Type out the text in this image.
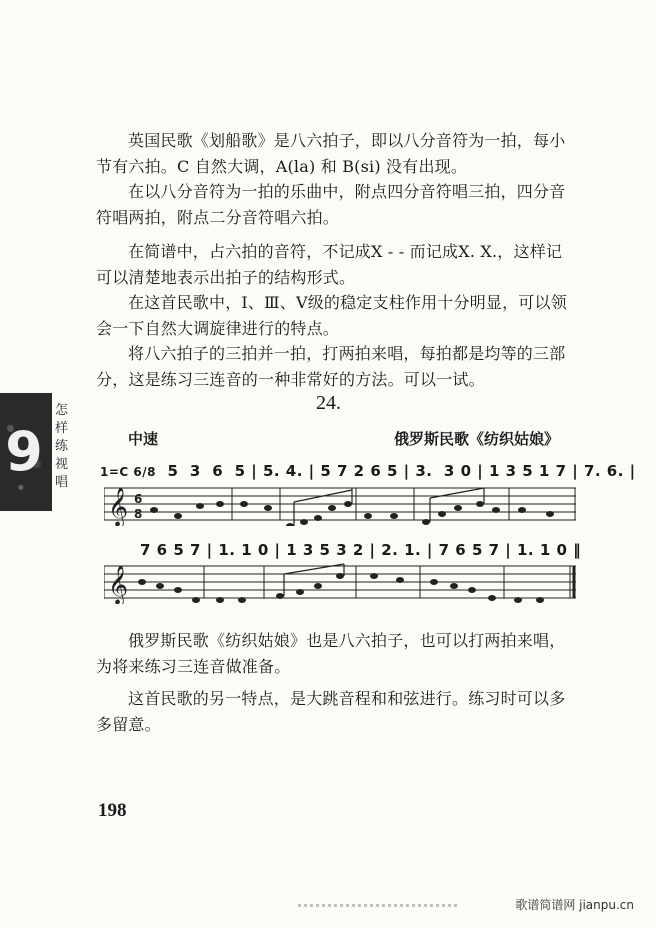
英国民歌《划船歌》是八六拍子，即以八分音符为一拍，每小节有六拍。C 自然大调，A(la) 和 B(si) 没有出现。

在以八分音符为一拍的乐曲中，附点四分音符唱三拍，四分音符唱两拍，附点二分音符唱六拍。

在简谱中，占六拍的音符，不记成X - - 而记成X. X.，这样记可以清楚地表示出拍子的结构形式。

在这首民歌中，Ⅰ、Ⅲ、Ⅴ级的稳定支柱作用十分明显，可以领会一下自然大调旋律进行的特点。

将八六拍子的三拍并一拍，打两拍来唱，每拍都是均等的三部分，这是练习三连音的一种非常好的方法。可以一试。

9
怎样练视唱
24.
中速	俄罗斯民歌《纺织姑娘》
1=C 6/8 5  3  6  5 | 5. 4. | 5 7 2 6 5 | 3.  3 0 | 1 3 5 1 7 | 7. 6. |
𝄞 6
8
7 6 5 7 | 1. 1 0 | 1 3 5 3 2 | 2. 1. | 7 6 5 7 | 1. 1 0 ‖
𝄞

俄罗斯民歌《纺织姑娘》也是八六拍子，也可以打两拍来唱，为将来练习三连音做准备。

这首民歌的另一特点，是大跳音程和和弦进行。练习时可以多多留意。

198
歌谱简谱网 jianpu.cn
